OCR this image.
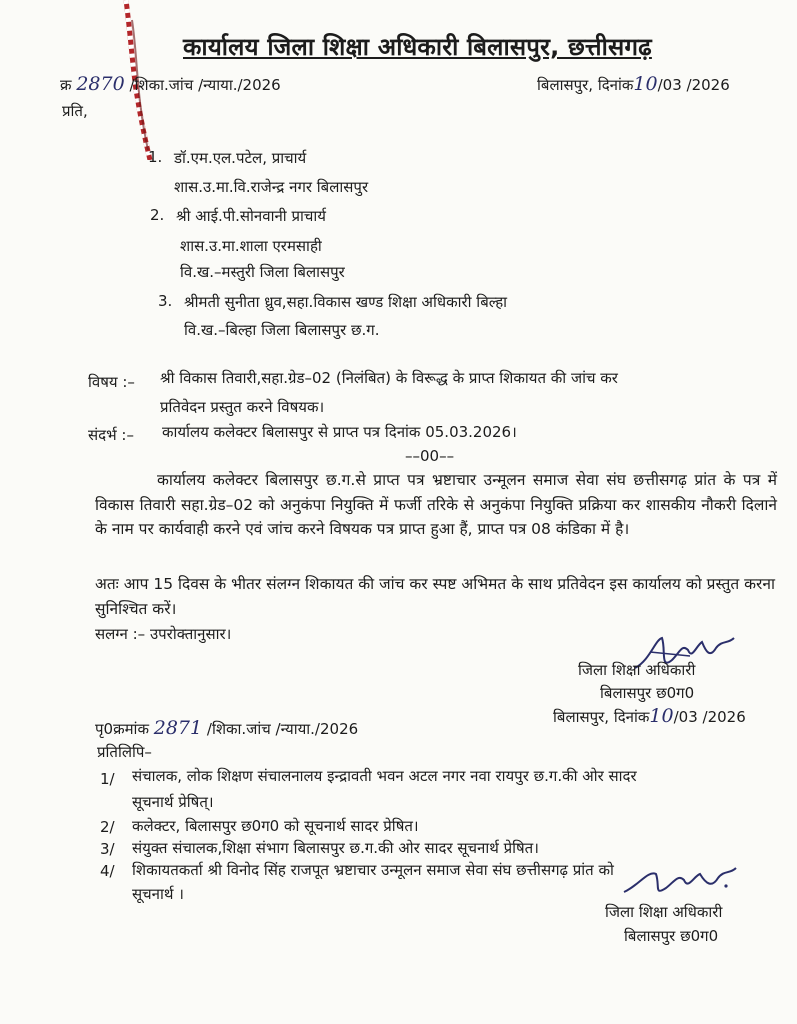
कार्यालय जिला शिक्षा अधिकारी बिलासपुर, छत्तीसगढ़
क्र 2870 /शिका.जांच /न्याया./2026	बिलासपुर, दिनांक10/03 /2026
प्रति,
1. डॉ.एम.एल.पटेल, प्राचार्य
शास.उ.मा.वि.राजेन्द्र नगर बिलासपुर
2. श्री आई.पी.सोनवानी प्राचार्य
शास.उ.मा.शाला एरमसाही
वि.ख.–मस्तुरी जिला बिलासपुर
3. श्रीमती सुनीता ध्रुव,सहा.विकास खण्ड शिक्षा अधिकारी बिल्हा
वि.ख.–बिल्हा जिला बिलासपुर छ.ग.
विषय :– श्री विकास तिवारी,सहा.ग्रेड–02 (निलंबित) के विरूद्ध के प्राप्त शिकायत की जांच कर
प्रतिवेदन प्रस्तुत करने विषयक।
संदर्भ :– कार्यालय कलेक्टर बिलासपुर से प्राप्त पत्र दिनांक 05.03.2026।
––00––

कार्यालय कलेक्टर बिलासपुर छ.ग.से प्राप्त पत्र भ्रष्टाचार उन्मूलन समाज सेवा संघ छत्तीसगढ़ प्रांत के पत्र में विकास तिवारी सहा.ग्रेड–02 को अनुकंपा नियुक्ति में फर्जी तरिके से अनुकंपा नियुक्ति प्रक्रिया कर शासकीय नौकरी दिलाने के नाम पर कार्यवाही करने एवं जांच करने विषयक पत्र प्राप्त हुआ हैं, प्राप्त पत्र 08 कंडिका में है।

अतः आप 15 दिवस के भीतर संलग्न शिकायत की जांच कर स्पष्ट अभिमत के साथ प्रतिवेदन इस कार्यालय को प्रस्तुत करना सुनिश्चित करें।

सलग्न :– उपरोक्तानुसार।
जिला शिक्षा अधिकारी
बिलासपुर छ0ग0
पृ0क्रमांक 2871 /शिका.जांच /न्याया./2026
बिलासपुर, दिनांक10/03 /2026
प्रतिलिपि–
1/ संचालक, लोक शिक्षण संचालनालय इन्द्रावती भवन अटल नगर नवा रायपुर छ.ग.की ओर सादर
सूचनार्थ प्रेषित्।
2/ कलेक्टर, बिलासपुर छ0ग0 को सूचनार्थ सादर प्रेषित।
3/ संयुक्त संचालक,शिक्षा संभाग बिलासपुर छ.ग.की ओर सादर सूचनार्थ प्रेषित।
4/ शिकायतकर्ता श्री विनोद सिंह राजपूत भ्रष्टाचार उन्मूलन समाज सेवा संघ छत्तीसगढ़ प्रांत को
सूचनार्थ ।
जिला शिक्षा अधिकारी
बिलासपुर छ0ग0
